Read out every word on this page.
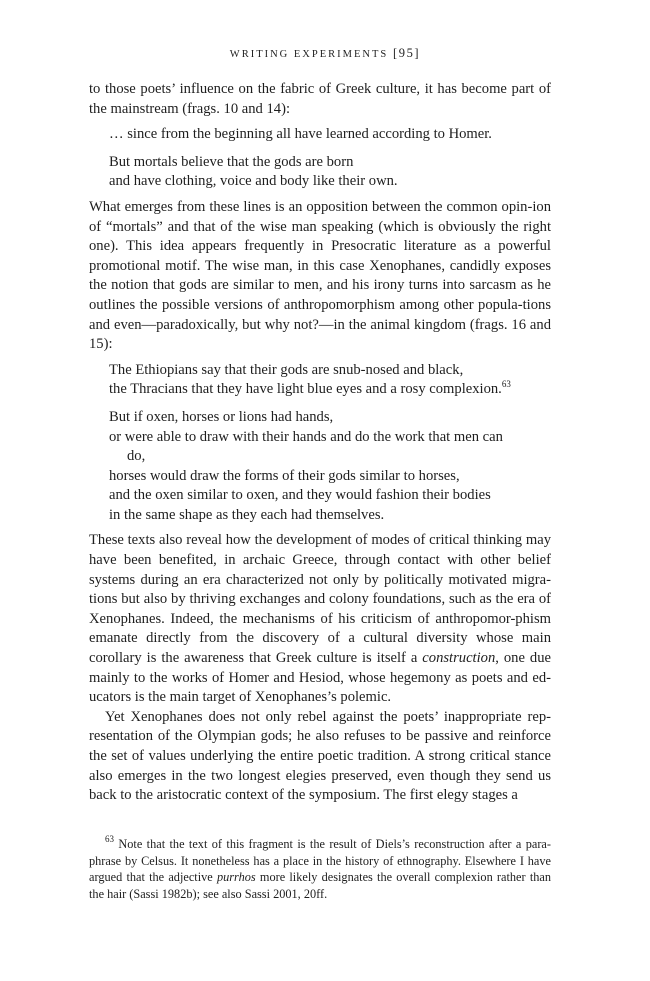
WRITING EXPERIMENTS [95]

to those poets’ influence on the fabric of Greek culture, it has become part of the mainstream (frags. 10 and 14):

… since from the beginning all have learned according to Homer.
But mortals believe that the gods are born
and have clothing, voice and body like their own.

What emerges from these lines is an opposition between the common opin-ion of “mortals” and that of the wise man speaking (which is obviously the right one). This idea appears frequently in Presocratic literature as a powerful promotional motif. The wise man, in this case Xenophanes, candidly exposes the notion that gods are similar to men, and his irony turns into sarcasm as he outlines the possible versions of anthropomorphism among other popula-tions and even—paradoxically, but why not?—in the animal kingdom (frags. 16 and 15):

The Ethiopians say that their gods are snub-nosed and black,
the Thracians that they have light blue eyes and a rosy complexion.$^{63}$
But if oxen, horses or lions had hands,
or were able to draw with their hands and do the work that men can
do,
horses would draw the forms of their gods similar to horses,
and the oxen similar to oxen, and they would fashion their bodies
in the same shape as they each had themselves.

These texts also reveal how the development of modes of critical thinking may have been benefited, in archaic Greece, through contact with other belief systems during an era characterized not only by politically motivated migra-tions but also by thriving exchanges and colony foundations, such as the era of Xenophanes. Indeed, the mechanisms of his criticism of anthropomor-phism emanate directly from the discovery of a cultural diversity whose main corollary is the awareness that Greek culture is itself a construction, one due mainly to the works of Homer and Hesiod, whose hegemony as poets and ed-ucators is the main target of Xenophanes’s polemic.

Yet Xenophanes does not only rebel against the poets’ inappropriate rep-resentation of the Olympian gods; he also refuses to be passive and reinforce the set of values underlying the entire poetic tradition. A strong critical stance also emerges in the two longest elegies preserved, even though they send us back to the aristocratic context of the symposium. The first elegy stages a

$^{63}$ Note that the text of this fragment is the result of Diels’s reconstruction after a para-phrase by Celsus. It nonetheless has a place in the history of ethnography. Elsewhere I have argued that the adjective purrhos more likely designates the overall complexion rather than the hair (Sassi 1982b); see also Sassi 2001, 20ff.
